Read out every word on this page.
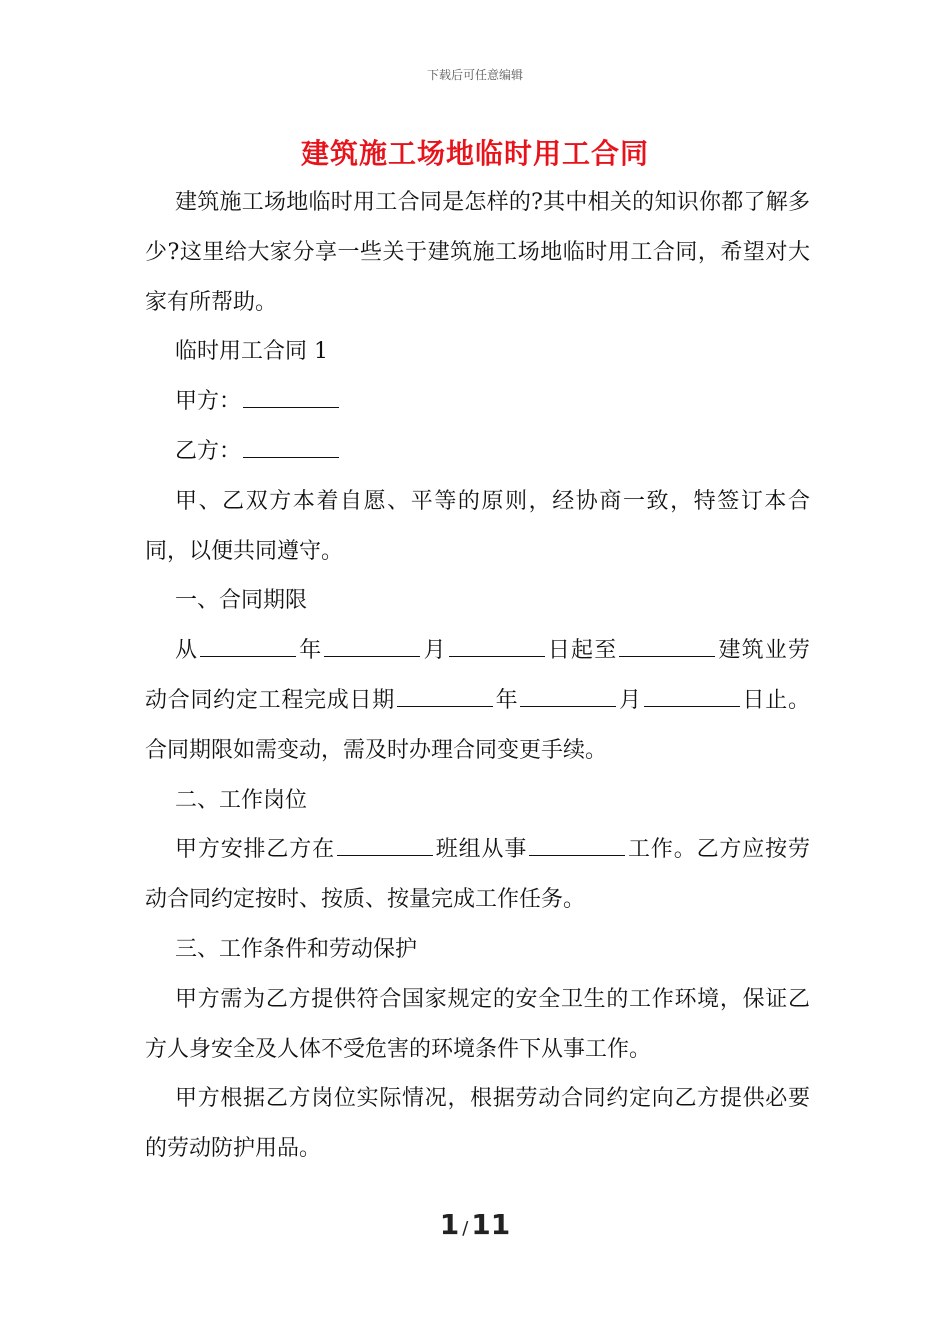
下载后可任意编辑
建筑施工场地临时用工合同

建筑施工场地临时用工合同是怎样的?其中相关的知识你都了解多少?这里给大家分享一些关于建筑施工场地临时用工合同，希望对大家有所帮助。

临时用工合同 1

甲方：

乙方：

甲、乙双方本着自愿、平等的原则，经协商一致，特签订本合同，以便共同遵守。

一、合同期限

从	年	月	日起至	建筑业劳动合同约定工程完成日期	年	月	日止。合同期限如需变动，需及时办理合同变更手续。

二、工作岗位

甲方安排乙方在	班组从事	工作。乙方应按劳动合同约定按时、按质、按量完成工作任务。

三、工作条件和劳动保护

甲方需为乙方提供符合国家规定的安全卫生的工作环境，保证乙方人身安全及人体不受危害的环境条件下从事工作。

甲方根据乙方岗位实际情况，根据劳动合同约定向乙方提供必要的劳动防护用品。

1 / 11
